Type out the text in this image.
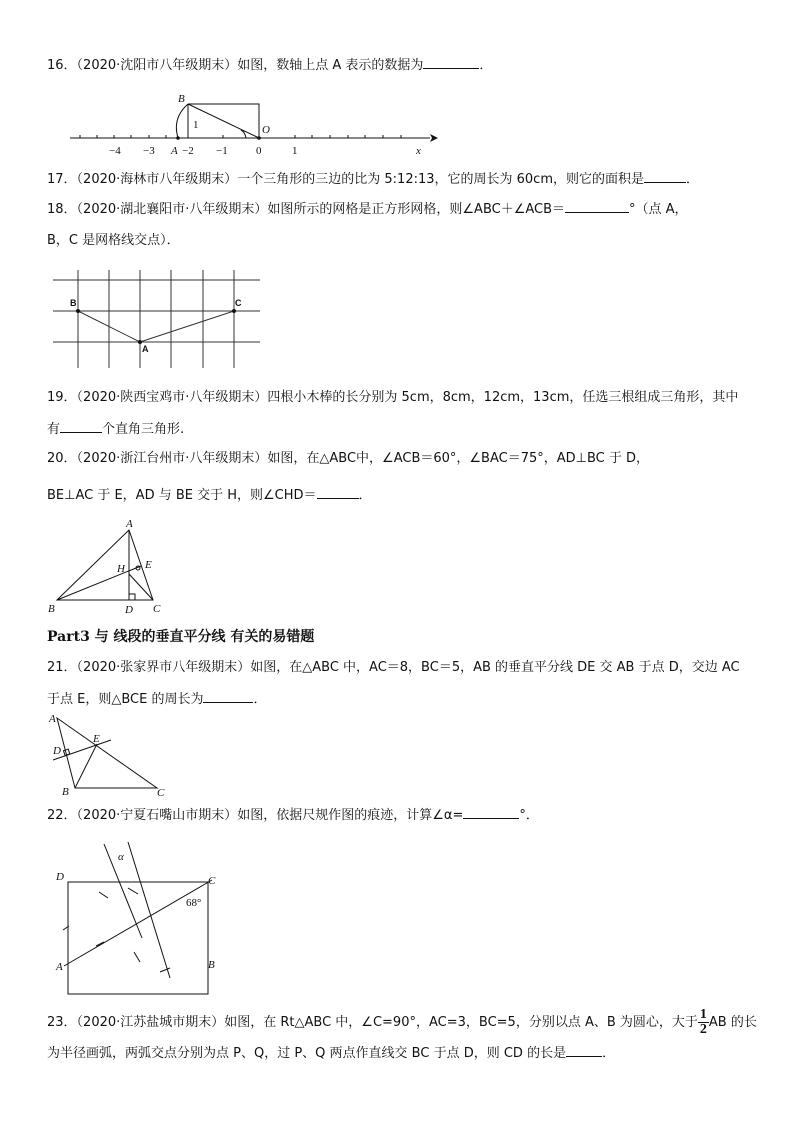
16．（2020·沈阳市八年级期末）如图，数轴上点 A 表示的数据为	．
B
1	O
A
−4 −3 −2 −1	0	1	x
17．（2020·海林市八年级期末）一个三角形的三边的比为 5:12:13，它的周长为 60cm，则它的面积是	．
18．（2020·湖北襄阳市·八年级期末）如图所示的网格是正方形网格，则∠ABC＋∠ACB＝	°（点 A，
B，C 是网格线交点）．
B	C
A
19．（2020·陕西宝鸡市·八年级期末）四根小木棒的长分别为 5cm，8cm，12cm，13cm，任选三根组成三角形，其中
有	个直角三角形.
20．（2020·浙江台州市·八年级期末）如图，在△ABC中，∠ACB＝60°，∠BAC＝75°，AD⊥BC 于 D，
BE⊥AC 于 E，AD 与 BE 交于 H，则∠CHD＝	．
A
B	C
D
E
H
Part3 与 线段的垂直平分线 有关的易错题
21．（2020·张家界市八年级期末）如图，在△ABC 中，AC＝8，BC＝5，AB 的垂直平分线 DE 交 AB 于点 D，交边 AC
于点 E，则△BCE 的周长为	．
A
B	C
D
E
22．（2020·宁夏石嘴山市期末）如图，依据尺规作图的痕迹，计算∠α=	°．
α
D	C
A	B
68°
23．（2020·江苏盐城市期末）如图，在 Rt△ABC 中，∠C=90°，AC=3，BC=5，分别以点 A、B 为圆心，大于 $\frac{1}{2}$ AB 的长
为半径画弧，两弧交点分别为点 P、Q，过 P、Q 两点作直线交 BC 于点 D，则 CD 的长是	．
